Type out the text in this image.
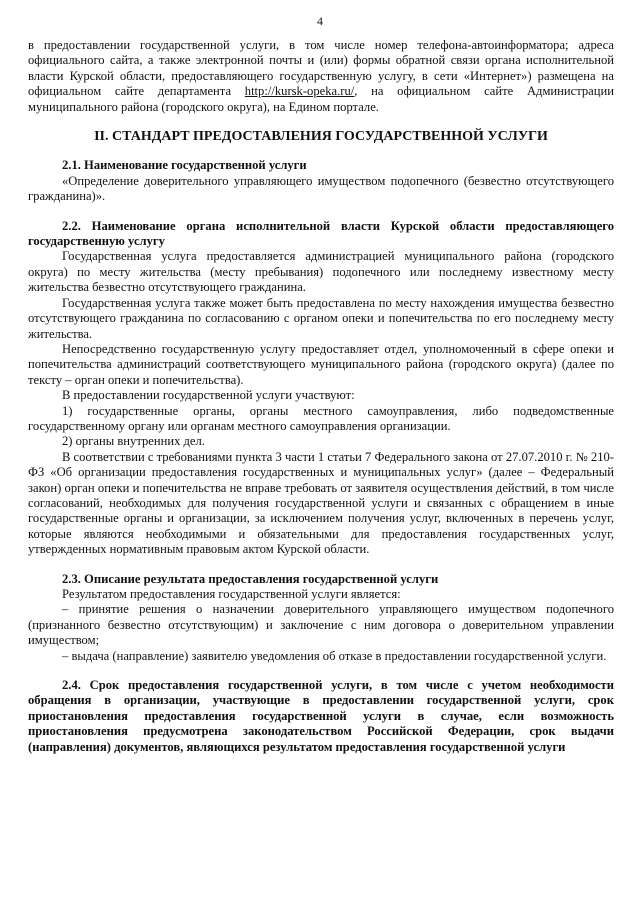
4

в предоставлении государственной услуги, в том числе номер телефона-автоинформатора; адреса официального сайта, а также электронной почты и (или) формы обратной связи органа исполнительной власти Курской области, предоставляющего государственную услугу, в сети «Интернет») размещена на официальном сайте департамента http://kursk-opeka.ru/, на официальном сайте Администрации муниципального района (городского округа), на Едином портале.

II. СТАНДАРТ ПРЕДОСТАВЛЕНИЯ ГОСУДАРСТВЕННОЙ УСЛУГИ
2.1. Наименование государственной услуги

«Определение доверительного управляющего имуществом подопечного (безвестно отсутствующего гражданина)».

2.2. Наименование органа исполнительной власти Курской области предоставляющего государственную услугу

Государственная услуга предоставляется администрацией муниципального района (городского округа) по месту жительства (месту пребывания) подопечного или последнему известному месту жительства безвестно отсутствующего гражданина.

Государственная услуга также может быть предоставлена по месту нахождения имущества безвестно отсутствующего гражданина по согласованию с органом опеки и попечительства по его последнему месту жительства.

Непосредственно государственную услугу предоставляет отдел, уполномоченный в сфере опеки и попечительства администраций соответствующего муниципального района (городского округа) (далее по тексту – орган опеки и попечительства).

В предоставлении государственной услуги участвуют:

1) государственные органы, органы местного самоуправления, либо подведомственные государственному органу или органам местного самоуправления организации.

2) органы внутренних дел.

В соответствии с требованиями пункта 3 части 1 статьи 7 Федерального закона от 27.07.2010 г. № 210-ФЗ «Об организации предоставления государственных и муниципальных услуг» (далее – Федеральный закон) орган опеки и попечительства не вправе требовать от заявителя осуществления действий, в том числе согласований, необходимых для получения государственной услуги и связанных с обращением в иные государственные органы и организации, за исключением получения услуг, включенных в перечень услуг, которые являются необходимыми и обязательными для предоставления государственных услуг, утвержденных нормативным правовым актом Курской области.

2.3. Описание результата предоставления государственной услуги

Результатом предоставления государственной услуги является:

– принятие решения о назначении доверительного управляющего имуществом подопечного (признанного безвестно отсутствующим) и заключение с ним договора о доверительном управлении имуществом;

– выдача (направление) заявителю уведомления об отказе в предоставлении государственной услуги.

2.4. Срок предоставления государственной услуги, в том числе с учетом необходимости обращения в организации, участвующие в предоставлении государственной услуги, срок приостановления предоставления государственной услуги в случае, если возможность приостановления предусмотрена законодательством Российской Федерации, срок выдачи (направления) документов, являющихся результатом предоставления государственной услуги
